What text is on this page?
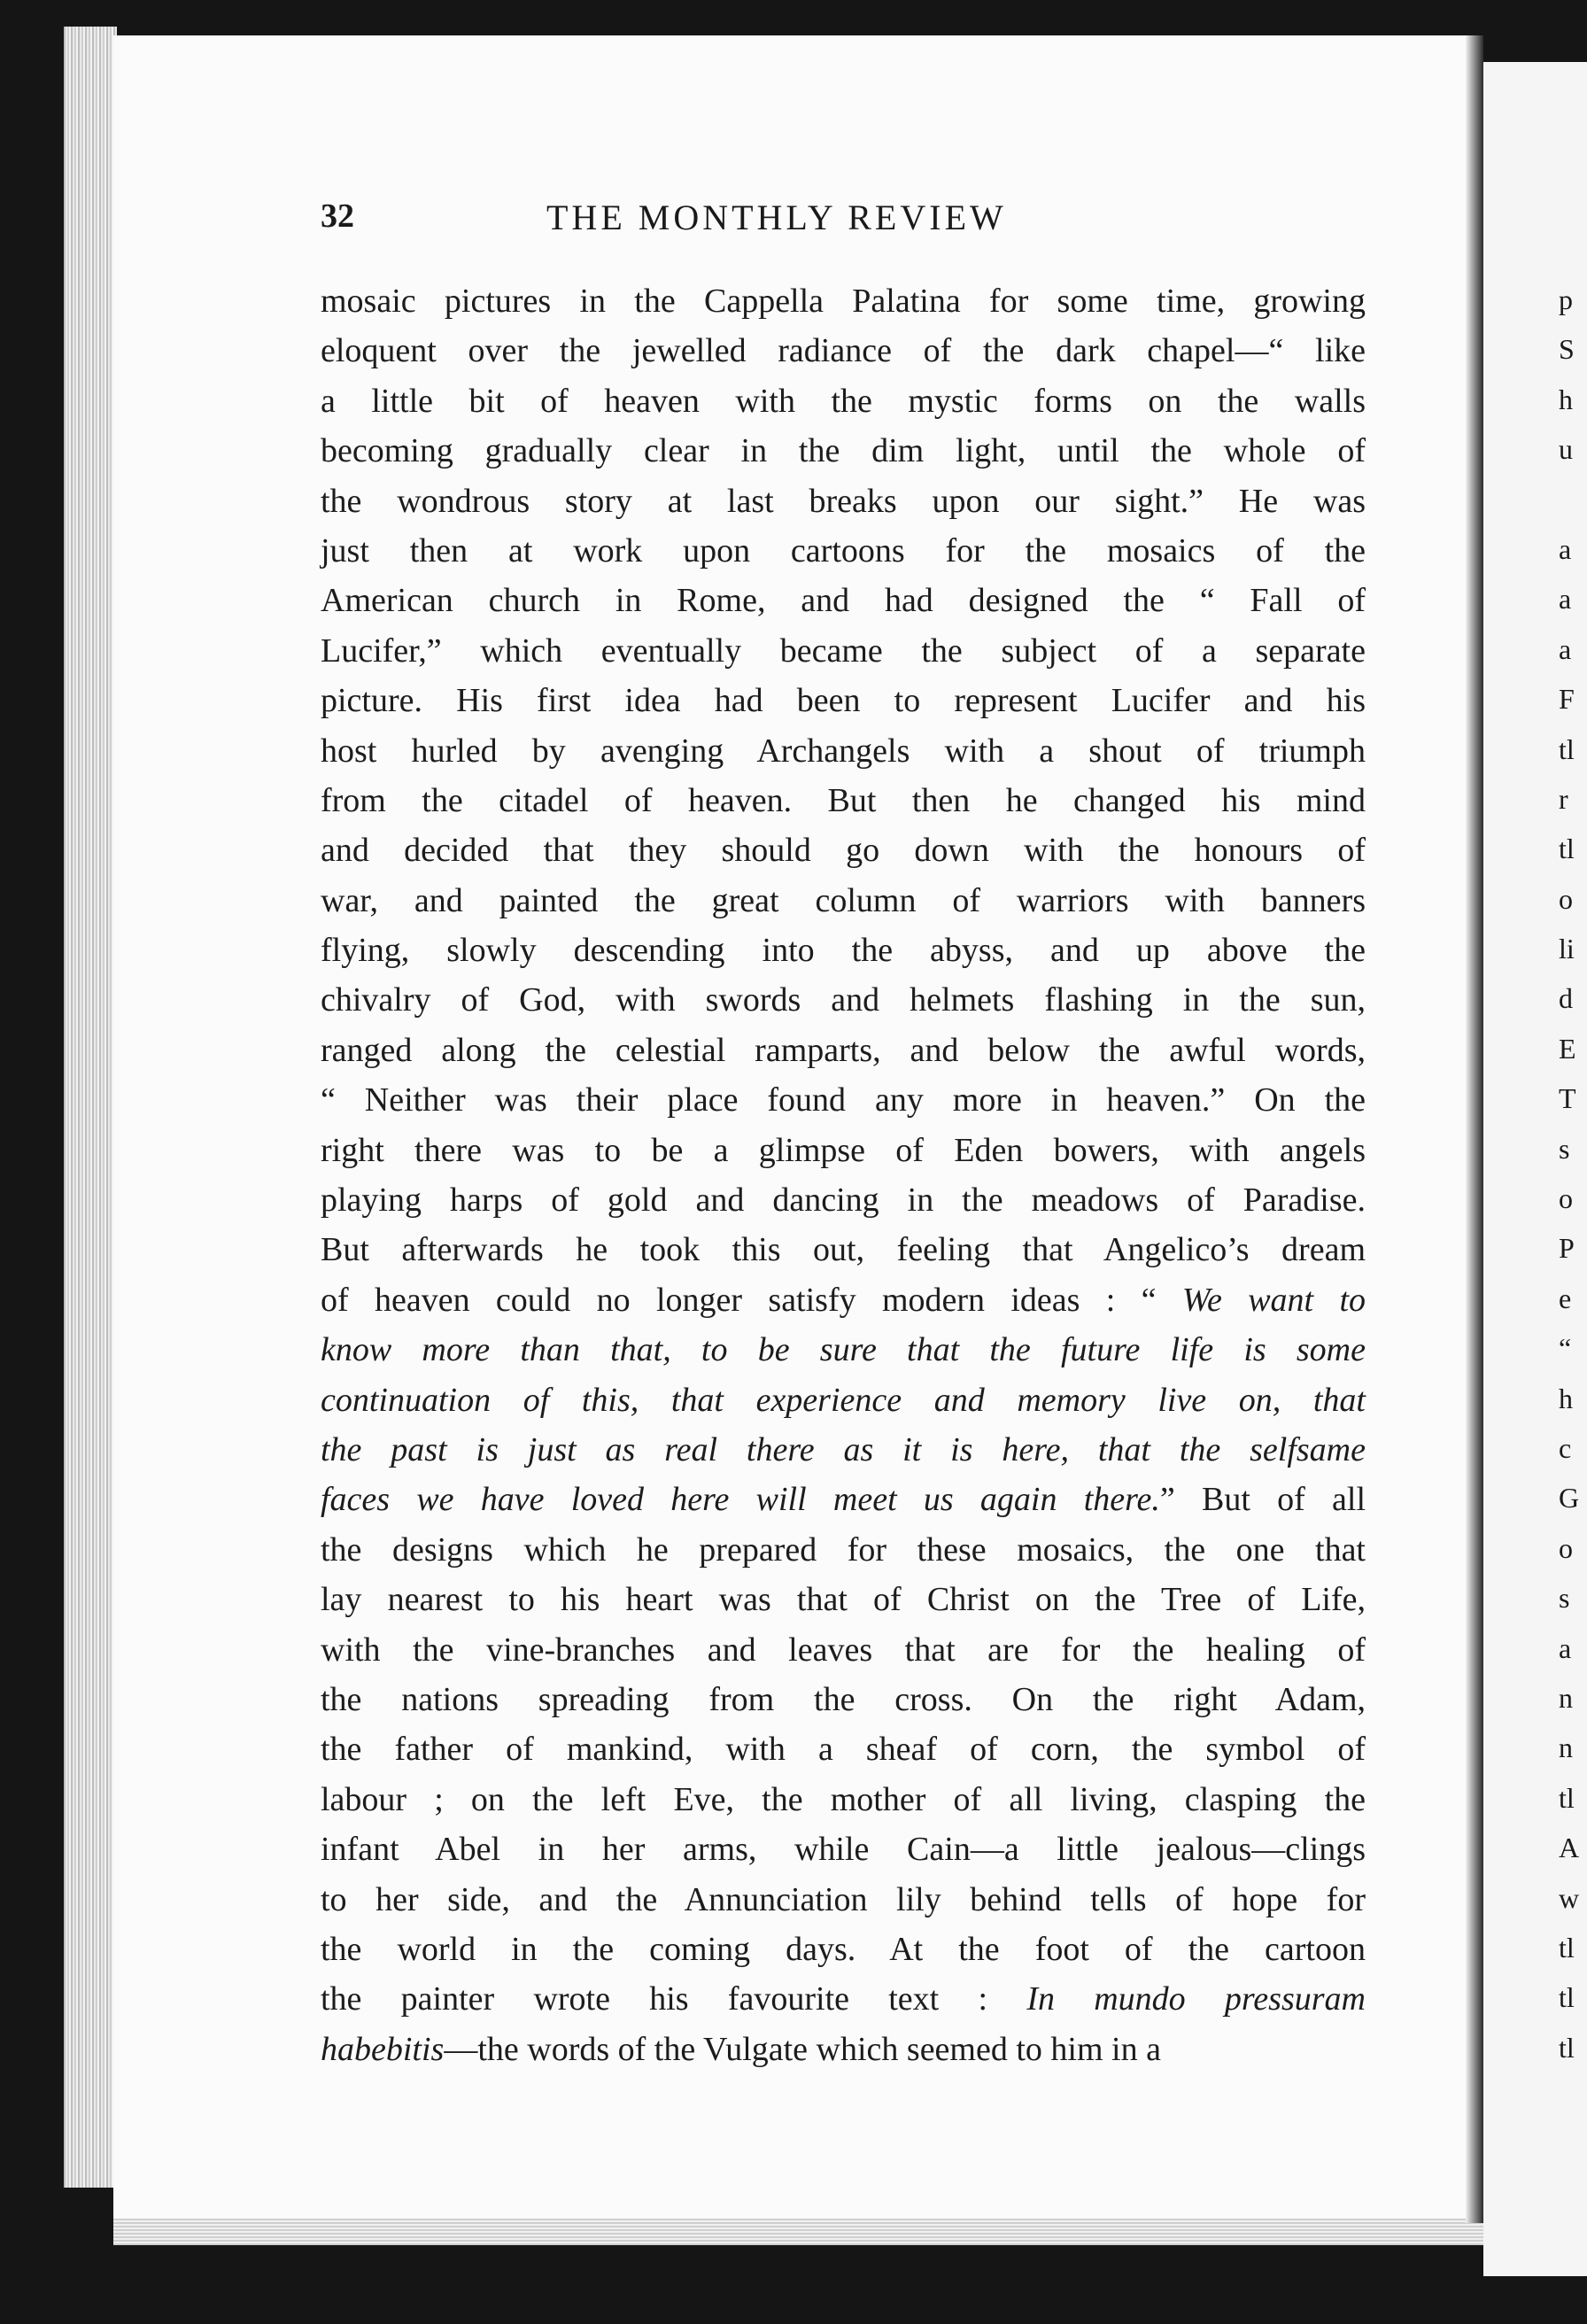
p
S
h
u
a
a
a
F
tl
r
tl
o
li
d
E
T
s
o
P
e
“
h
c
G
o
s
a
n
n
tl
A
w
tl
tl
tl
32	THE MONTHLY REVIEW
mosaic pictures in the Cappella Palatina for some time, growing
eloquent over the jewelled radiance of the dark chapel—“ like
a little bit of heaven with the mystic forms on the walls
becoming gradually clear in the dim light, until the whole of
the wondrous story at last breaks upon our sight.” He was
just then at work upon cartoons for the mosaics of the
American church in Rome, and had designed the “ Fall of
Lucifer,” which eventually became the subject of a separate
picture. His first idea had been to represent Lucifer and his
host hurled by avenging Archangels with a shout of triumph
from the citadel of heaven. But then he changed his mind
and decided that they should go down with the honours of
war, and painted the great column of warriors with banners
flying, slowly descending into the abyss, and up above the
chivalry of God, with swords and helmets flashing in the sun,
ranged along the celestial ramparts, and below the awful words,
“ Neither was their place found any more in heaven.” On the
right there was to be a glimpse of Eden bowers, with angels
playing harps of gold and dancing in the meadows of Paradise.
But afterwards he took this out, feeling that Angelico’s dream
of heaven could no longer satisfy modern ideas : “ We want to
know more than that, to be sure that the future life is some
continuation of this, that experience and memory live on, that
the past is just as real there as it is here, that the selfsame
faces we have loved here will meet us again there.” But of all
the designs which he prepared for these mosaics, the one that
lay nearest to his heart was that of Christ on the Tree of Life,
with the vine-branches and leaves that are for the healing of
the nations spreading from the cross. On the right Adam,
the father of mankind, with a sheaf of corn, the symbol of
labour ; on the left Eve, the mother of all living, clasping the
infant Abel in her arms, while Cain—a little jealous—clings
to her side, and the Annunciation lily behind tells of hope for
the world in the coming days. At the foot of the cartoon
the painter wrote his favourite text : In mundo pressuram
habebitis—the words of the Vulgate which seemed to him in a
